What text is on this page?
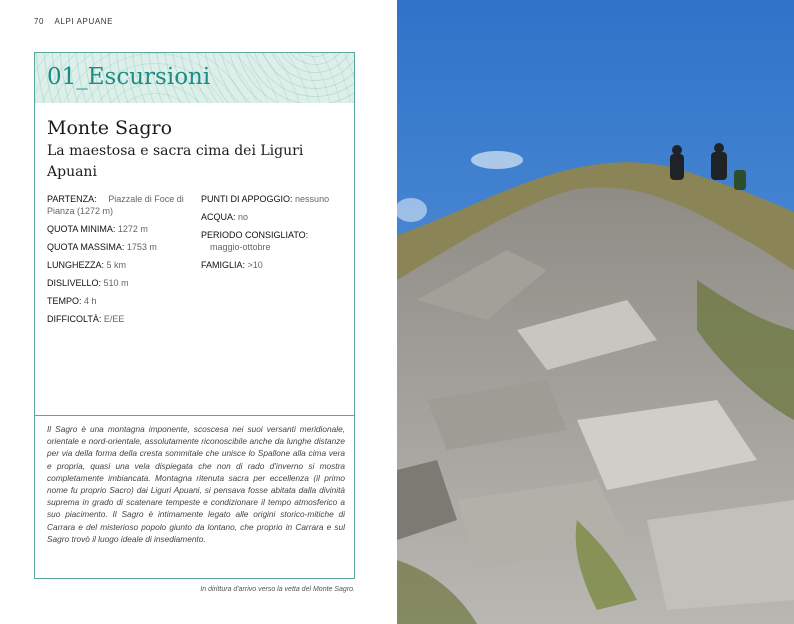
70 ALPI APUANE
01_Escursioni
Monte Sagro

La maestosa e sacra cima dei Liguri Apuani

PARTENZA: Piazzale di Foce di Pianza (1272 m)
QUOTA MINIMA: 1272 m
QUOTA MASSIMA: 1753 m
LUNGHEZZA: 5 km
DISLIVELLO: 510 m
TEMPO: 4 h
DIFFICOLTÀ: E/EE
PUNTI DI APPOGGIO: nessuno
ACQUA: no
PERIODO CONSIGLIATO:
maggio-ottobre
FAMIGLIA: >10

Il Sagro è una montagna imponente, scoscesa nei suoi versanti meridionale, orientale e nord-orientale, assolutamente riconoscibile anche da lunghe distanze per via della forma della cresta sommitale che unisce lo Spallone alla cima vera e propria, quasi una vela dispiegata che non di rado d'inverno si mostra completamente imbiancata. Montagna ritenuta sacra per eccellenza (il primo nome fu proprio Sacro) dai Liguri Apuani, si pensava fosse abitata dalla divinità suprema in grado di scatenare tempeste e condizionare il tempo atmosferico a suo piacimento. Il Sagro è intimamente legato alle origini storico-mitiche di Carrara e del misterioso popolo giunto da lontano, che proprio in Carrara e sul Sagro trovò il luogo ideale di insediamento.

In dirittura d'arrivo verso la vetta del Monte Sagro.
